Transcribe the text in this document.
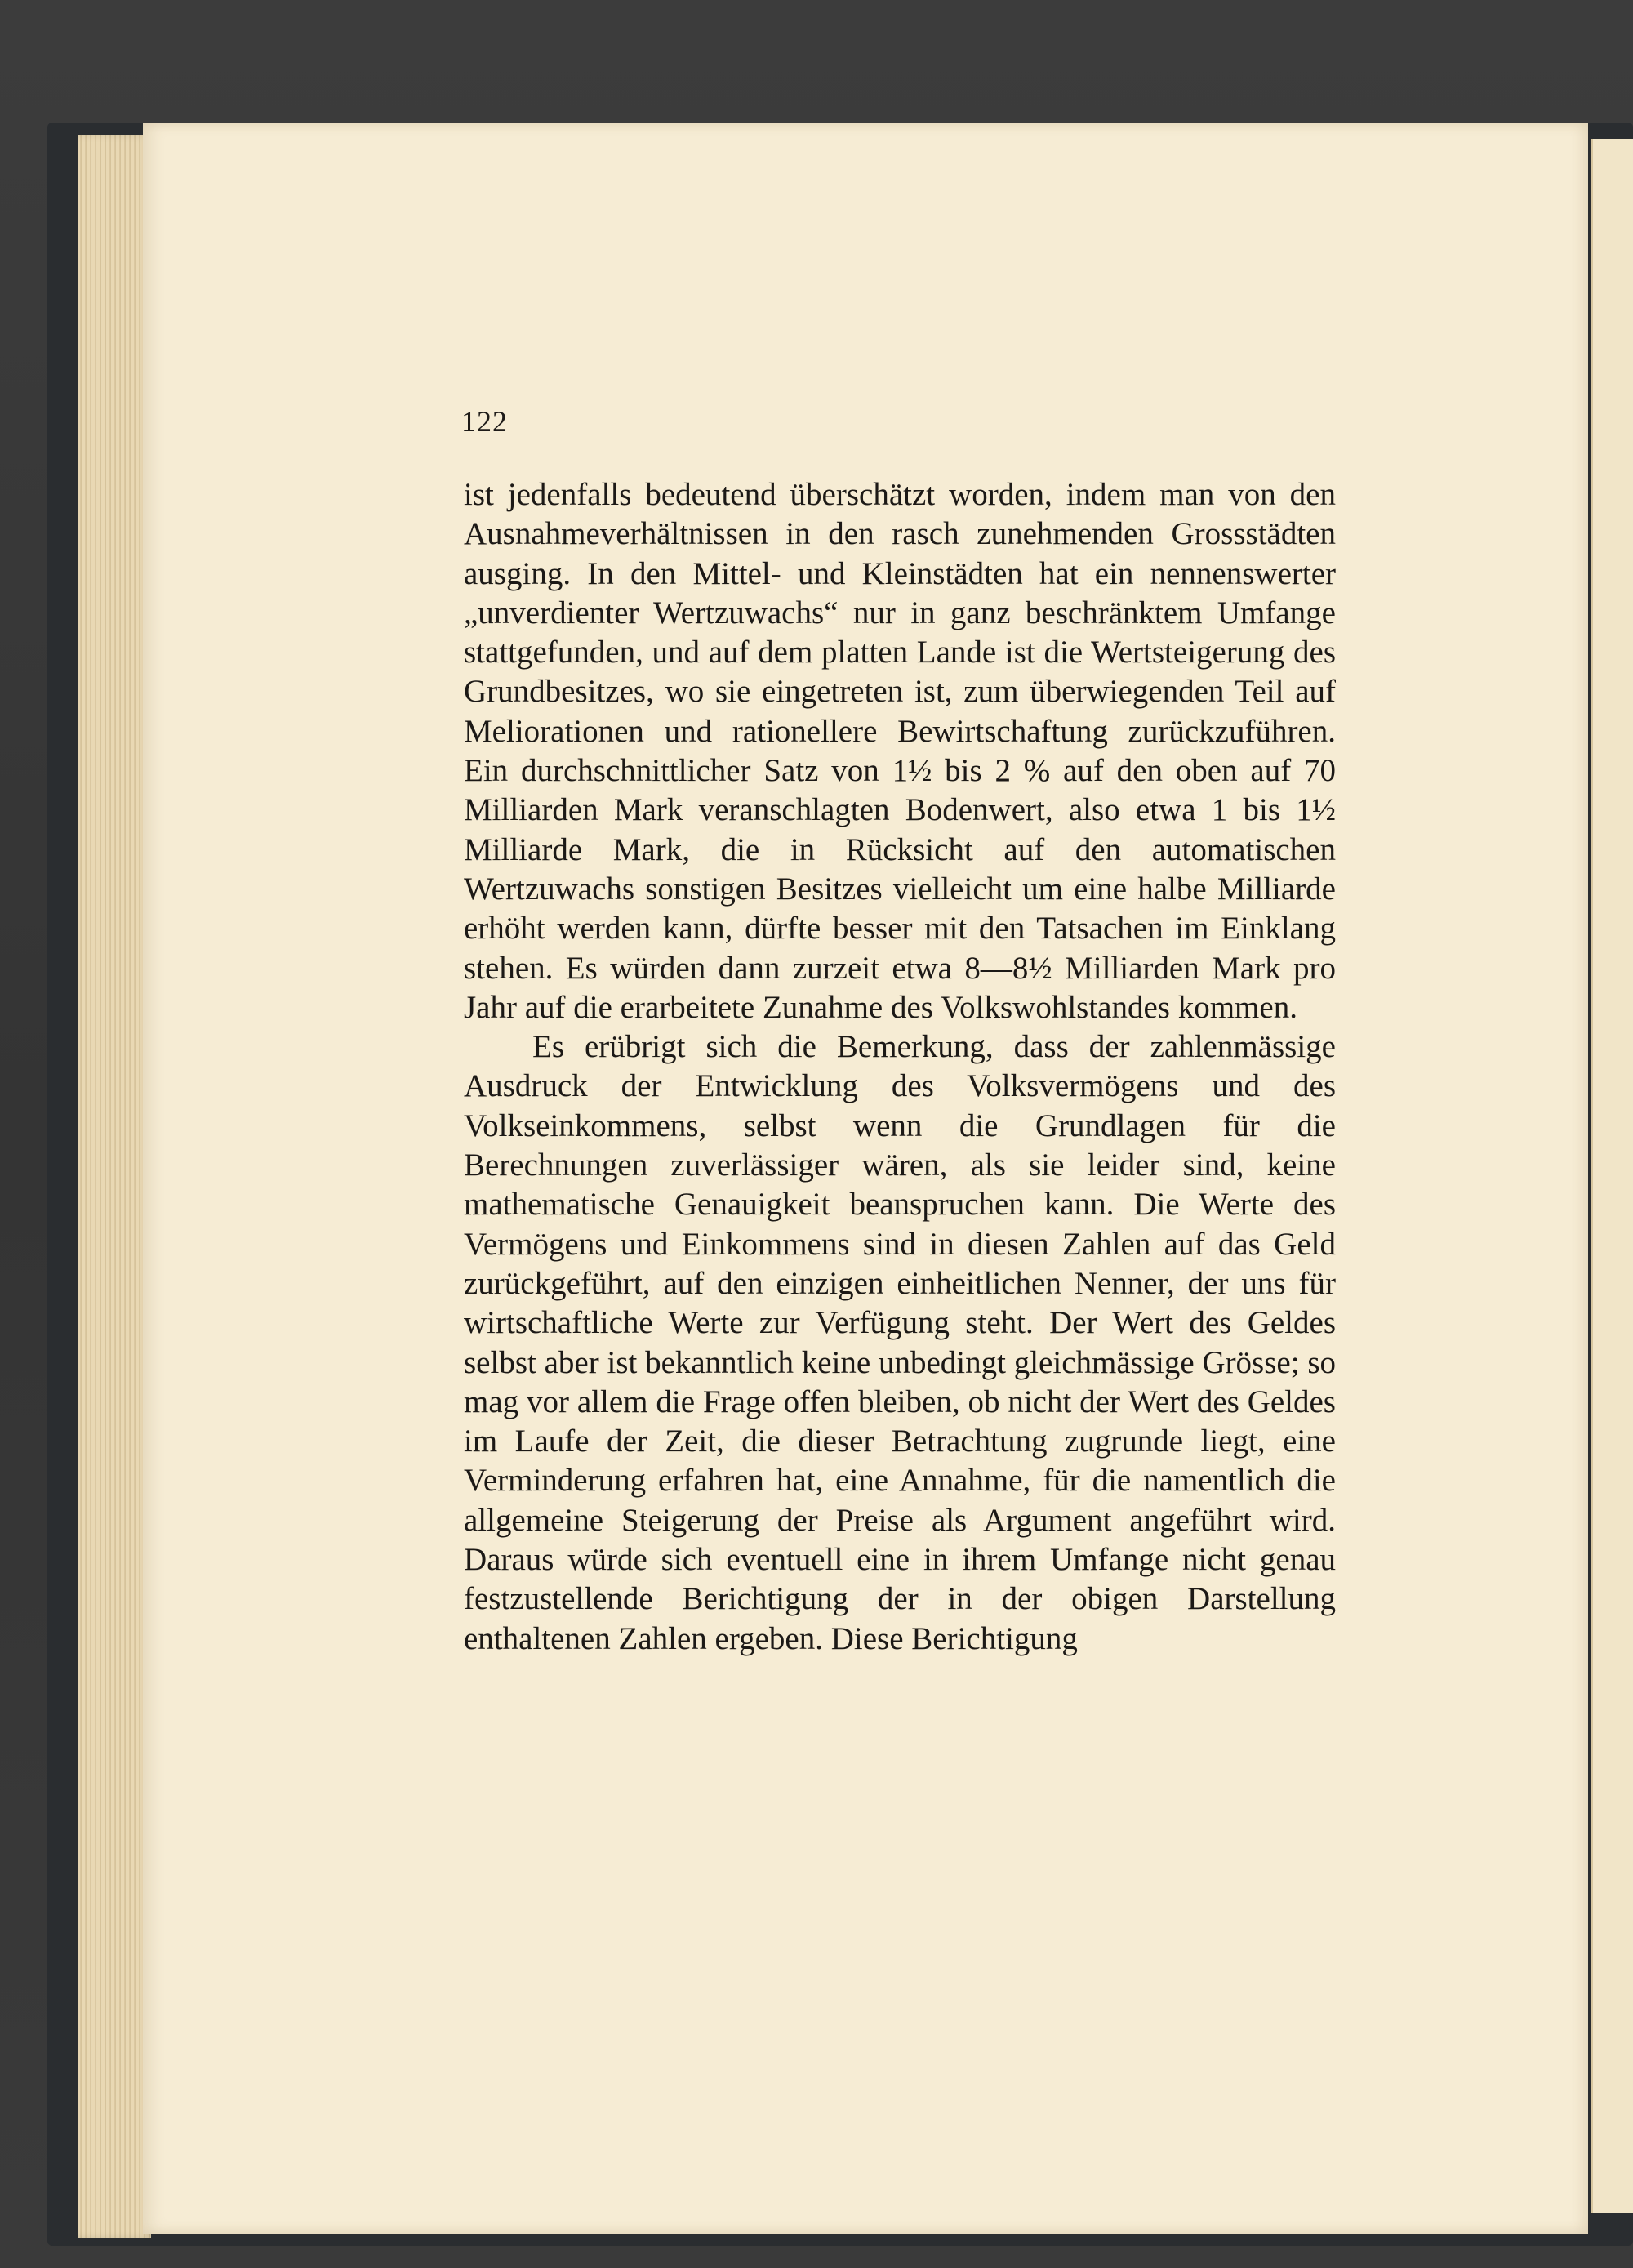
122

ist jedenfalls bedeutend überschätzt worden, indem man von den Ausnahmeverhältnissen in den rasch zunehmenden Grossstädten ausging. In den Mittel- und Kleinstädten hat ein nennenswerter „unverdienter Wertzuwachs“ nur in ganz beschränktem Umfange stattgefunden, und auf dem platten Lande ist die Wertsteigerung des Grundbesitzes, wo sie eingetreten ist, zum überwiegenden Teil auf Meliorationen und rationellere Bewirtschaftung zurückzuführen. Ein durchschnittlicher Satz von 1½ bis 2 % auf den oben auf 70 Milliarden Mark veranschlagten Bodenwert, also etwa 1 bis 1½ Milliarde Mark, die in Rücksicht auf den automatischen Wertzuwachs sonstigen Besitzes vielleicht um eine halbe Milliarde erhöht werden kann, dürfte besser mit den Tatsachen im Einklang stehen. Es würden dann zurzeit etwa 8—8½ Milliarden Mark pro Jahr auf die erarbeitete Zunahme des Volkswohlstandes kommen.

Es erübrigt sich die Bemerkung, dass der zahlenmässige Ausdruck der Entwicklung des Volksvermögens und des Volkseinkommens, selbst wenn die Grundlagen für die Berechnungen zuverlässiger wären, als sie leider sind, keine mathematische Genauigkeit beanspruchen kann. Die Werte des Vermögens und Einkommens sind in diesen Zahlen auf das Geld zurückgeführt, auf den einzigen einheitlichen Nenner, der uns für wirtschaftliche Werte zur Verfügung steht. Der Wert des Geldes selbst aber ist bekanntlich keine unbedingt gleichmässige Grösse; so mag vor allem die Frage offen bleiben, ob nicht der Wert des Geldes im Laufe der Zeit, die dieser Betrachtung zugrunde liegt, eine Verminderung erfahren hat, eine Annahme, für die namentlich die allgemeine Steigerung der Preise als Argument angeführt wird. Daraus würde sich eventuell eine in ihrem Umfange nicht genau festzustellende Berichtigung der in der obigen Darstellung enthaltenen Zahlen ergeben. Diese Berichtigung
